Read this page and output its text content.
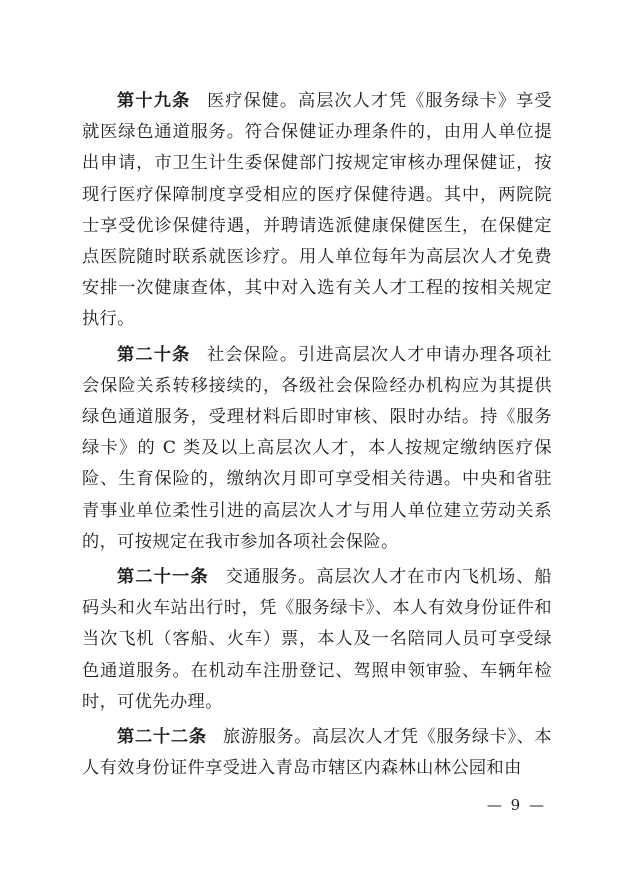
第十九条 医疗保健。高层次人才凭《服务绿卡》享受就医绿色通道服务。符合保健证办理条件的，由用人单位提出申请，市卫生计生委保健部门按规定审核办理保健证，按现行医疗保障制度享受相应的医疗保健待遇。其中，两院院士享受优诊保健待遇，并聘请选派健康保健医生，在保健定点医院随时联系就医诊疗。用人单位每年为高层次人才免费安排一次健康查体，其中对入选有关人才工程的按相关规定执行。

第二十条 社会保险。引进高层次人才申请办理各项社会保险关系转移接续的，各级社会保险经办机构应为其提供绿色通道服务，受理材料后即时审核、限时办结。持《服务绿卡》的 C 类及以上高层次人才，本人按规定缴纳医疗保险、生育保险的，缴纳次月即可享受相关待遇。中央和省驻青事业单位柔性引进的高层次人才与用人单位建立劳动关系的，可按规定在我市参加各项社会保险。

第二十一条 交通服务。高层次人才在市内飞机场、船码头和火车站出行时，凭《服务绿卡》、本人有效身份证件和当次飞机（客船、火车）票，本人及一名陪同人员可享受绿色通道服务。在机动车注册登记、驾照申领审验、车辆年检时，可优先办理。

第二十二条 旅游服务。高层次人才凭《服务绿卡》、本人有效身份证件享受进入青岛市辖区内森林山林公园和由

— 9 —
